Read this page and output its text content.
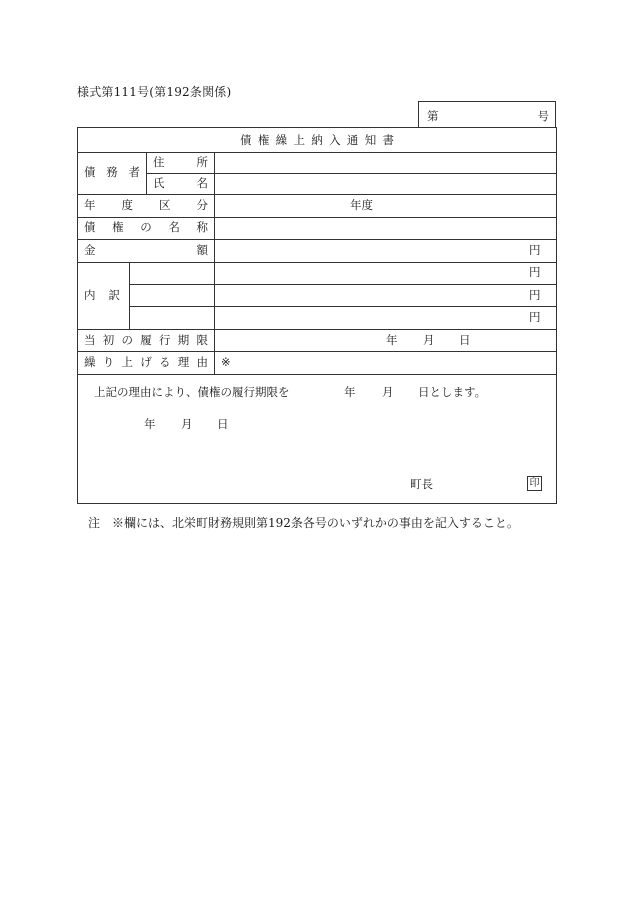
様式第111号(第192条関係)
第	号
債 権 繰 上 納 入 通 知 書
債 務 者
住	所
氏	名
年 度 区 分	年度
債 権 の 名 称
金	額	円
内 訳
円
円
円
当 初 の 履 行 期 限	年 月 日
繰 り 上 げ る 理 由 ※
上記の理由により、債権の履行期限を	年 月 日とします。
年 月 日
町長	印
注　※欄には、北栄町財務規則第192条各号のいずれかの事由を記入すること。
